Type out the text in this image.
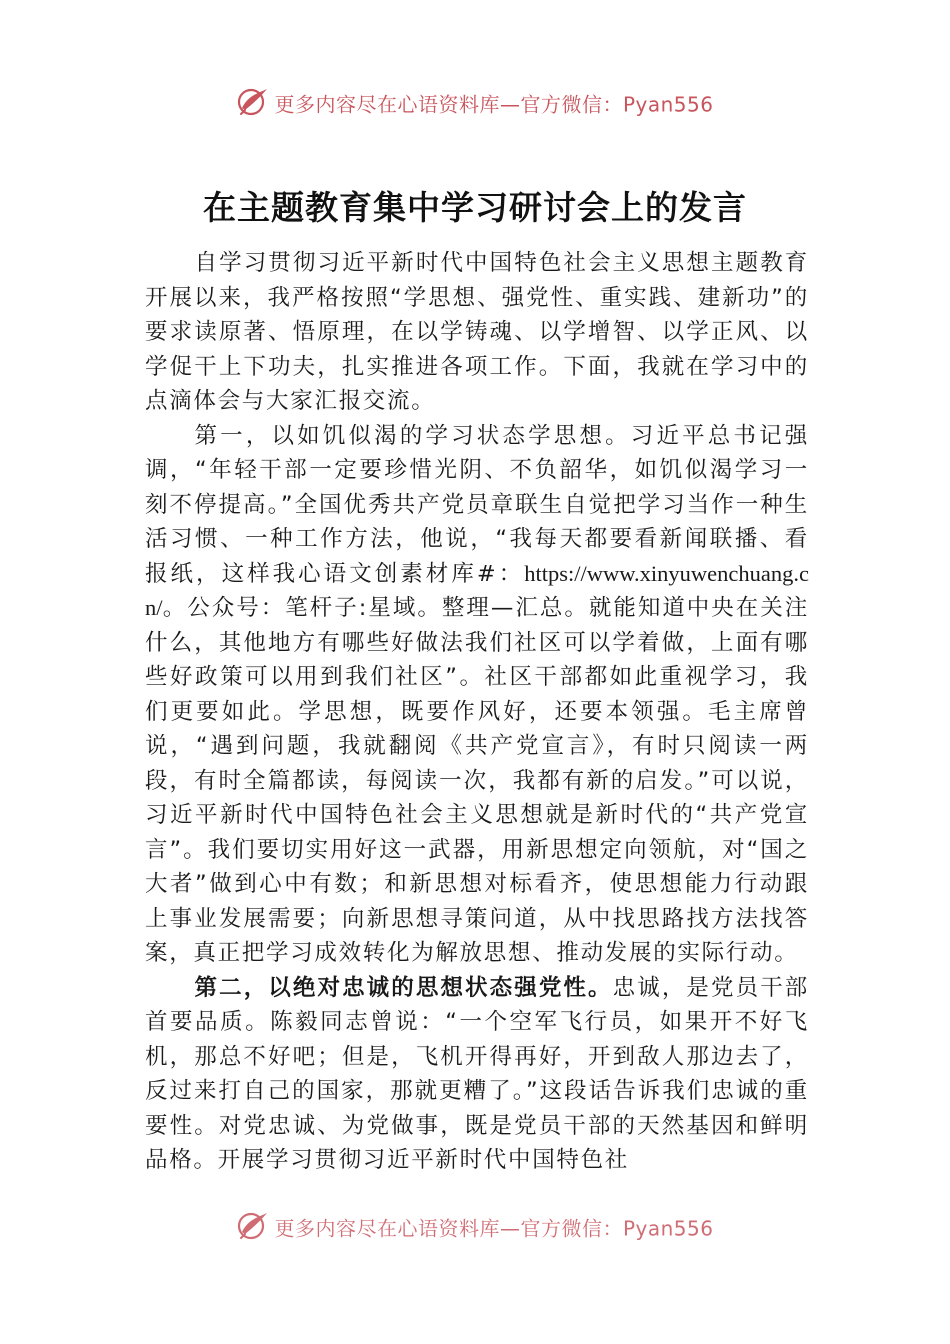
更多内容尽在心语资料库—官方微信：Pyan556
在主题教育集中学习研讨会上的发言

自学习贯彻习近平新时代中国特色社会主义思想主题教育开展以来，我严格按照“学思想、强党性、重实践、建新功”的要求读原著、悟原理，在以学铸魂、以学增智、以学正风、以学促干上下功夫，扎实推进各项工作。下面，我就在学习中的点滴体会与大家汇报交流。

第一，以如饥似渴的学习状态学思想。习近平总书记强调，“年轻干部一定要珍惜光阴、不负韶华，如饥似渴学习一刻不停提高。”全国优秀共产党员章联生自觉把学习当作一种生活习惯、一种工作方法，他说，“我每天都要看新闻联播、看报纸，这样我心语文创素材库#：https://www.xinyuwenchuang.cn/。公众号：笔杆子:星域。整理—汇总。就能知道中央在关注什么，其他地方有哪些好做法我们社区可以学着做，上面有哪些好政策可以用到我们社区”。社区干部都如此重视学习，我们更要如此。学思想，既要作风好，还要本领强。毛主席曾说，“遇到问题，我就翻阅《共产党宣言》，有时只阅读一两段，有时全篇都读，每阅读一次，我都有新的启发。”可以说，习近平新时代中国特色社会主义思想就是新时代的“共产党宣言”。我们要切实用好这一武器，用新思想定向领航，对“国之大者”做到心中有数；和新思想对标看齐，使思想能力行动跟上事业发展需要；向新思想寻策问道，从中找思路找方法找答案，真正把学习成效转化为解放思想、推动发展的实际行动。

第二，以绝对忠诚的思想状态强党性。忠诚，是党员干部首要品质。陈毅同志曾说：“一个空军飞行员，如果开不好飞机，那总不好吧；但是，飞机开得再好，开到敌人那边去了，反过来打自己的国家，那就更糟了。”这段话告诉我们忠诚的重要性。对党忠诚、为党做事，既是党员干部的天然基因和鲜明品格。开展学习贯彻习近平新时代中国特色社

更多内容尽在心语资料库—官方微信：Pyan556
